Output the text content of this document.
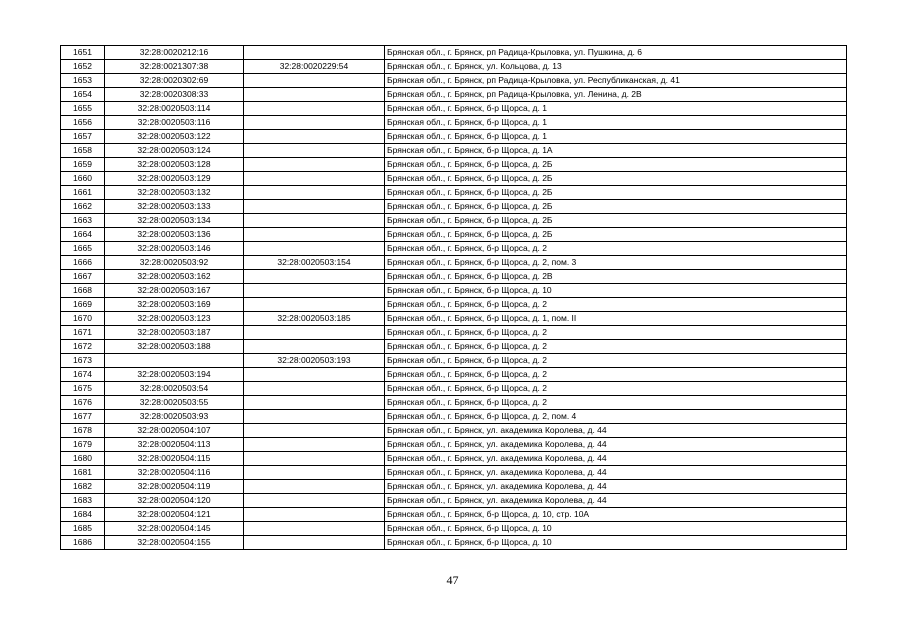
1651	32:28:0020212:16		Брянская обл., г. Брянск, рп Радица-Крыловка, ул. Пушкина, д. 6
1652	32:28:0021307:38	32:28:0020229:54	Брянская обл., г. Брянск, ул. Кольцова, д. 13
1653	32:28:0020302:69		Брянская обл., г. Брянск, рп Радица-Крыловка, ул. Республиканская, д. 41
1654	32:28:0020308:33		Брянская обл., г. Брянск, рп Радица-Крыловка, ул. Ленина, д. 2В
1655	32:28:0020503:114		Брянская обл., г. Брянск, б-р Щорса, д. 1
1656	32:28:0020503:116		Брянская обл., г. Брянск, б-р Щорса, д. 1
1657	32:28:0020503:122		Брянская обл., г. Брянск, б-р Щорса, д. 1
1658	32:28:0020503:124		Брянская обл., г. Брянск, б-р Щорса, д. 1А
1659	32:28:0020503:128		Брянская обл., г. Брянск, б-р Щорса, д. 2Б
1660	32:28:0020503:129		Брянская обл., г. Брянск, б-р Щорса, д. 2Б
1661	32:28:0020503:132		Брянская обл., г. Брянск, б-р Щорса, д. 2Б
1662	32:28:0020503:133		Брянская обл., г. Брянск, б-р Щорса, д. 2Б
1663	32:28:0020503:134		Брянская обл., г. Брянск, б-р Щорса, д. 2Б
1664	32:28:0020503:136		Брянская обл., г. Брянск, б-р Щорса, д. 2Б
1665	32:28:0020503:146		Брянская обл., г. Брянск, б-р Щорса, д. 2
1666	32:28:0020503:92	32:28:0020503:154	Брянская обл., г. Брянск, б-р Щорса, д. 2, пом. 3
1667	32:28:0020503:162		Брянская обл., г. Брянск, б-р Щорса, д. 2В
1668	32:28:0020503:167		Брянская обл., г. Брянск, б-р Щорса, д. 10
1669	32:28:0020503:169		Брянская обл., г. Брянск, б-р Щорса, д. 2
1670	32:28:0020503:123	32:28:0020503:185	Брянская обл., г. Брянск, б-р Щорса, д. 1, пом. II
1671	32:28:0020503:187		Брянская обл., г. Брянск, б-р Щорса, д. 2
1672	32:28:0020503:188		Брянская обл., г. Брянск, б-р Щорса, д. 2
1673		32:28:0020503:193	Брянская обл., г. Брянск, б-р Щорса, д. 2
1674	32:28:0020503:194		Брянская обл., г. Брянск, б-р Щорса, д. 2
1675	32:28:0020503:54		Брянская обл., г. Брянск, б-р Щорса, д. 2
1676	32:28:0020503:55		Брянская обл., г. Брянск, б-р Щорса, д. 2
1677	32:28:0020503:93		Брянская обл., г. Брянск, б-р Щорса, д. 2, пом. 4
1678	32:28:0020504:107		Брянская обл., г. Брянск, ул. академика Королева, д. 44
1679	32:28:0020504:113		Брянская обл., г. Брянск, ул. академика Королева, д. 44
1680	32:28:0020504:115		Брянская обл., г. Брянск, ул. академика Королева, д. 44
1681	32:28:0020504:116		Брянская обл., г. Брянск, ул. академика Королева, д. 44
1682	32:28:0020504:119		Брянская обл., г. Брянск, ул. академика Королева, д. 44
1683	32:28:0020504:120		Брянская обл., г. Брянск, ул. академика Королева, д. 44
1684	32:28:0020504:121		Брянская обл., г. Брянск, б-р Щорса, д. 10, стр. 10А
1685	32:28:0020504:145		Брянская обл., г. Брянск, б-р Щорса, д. 10
1686	32:28:0020504:155		Брянская обл., г. Брянск, б-р Щорса, д. 10
47
